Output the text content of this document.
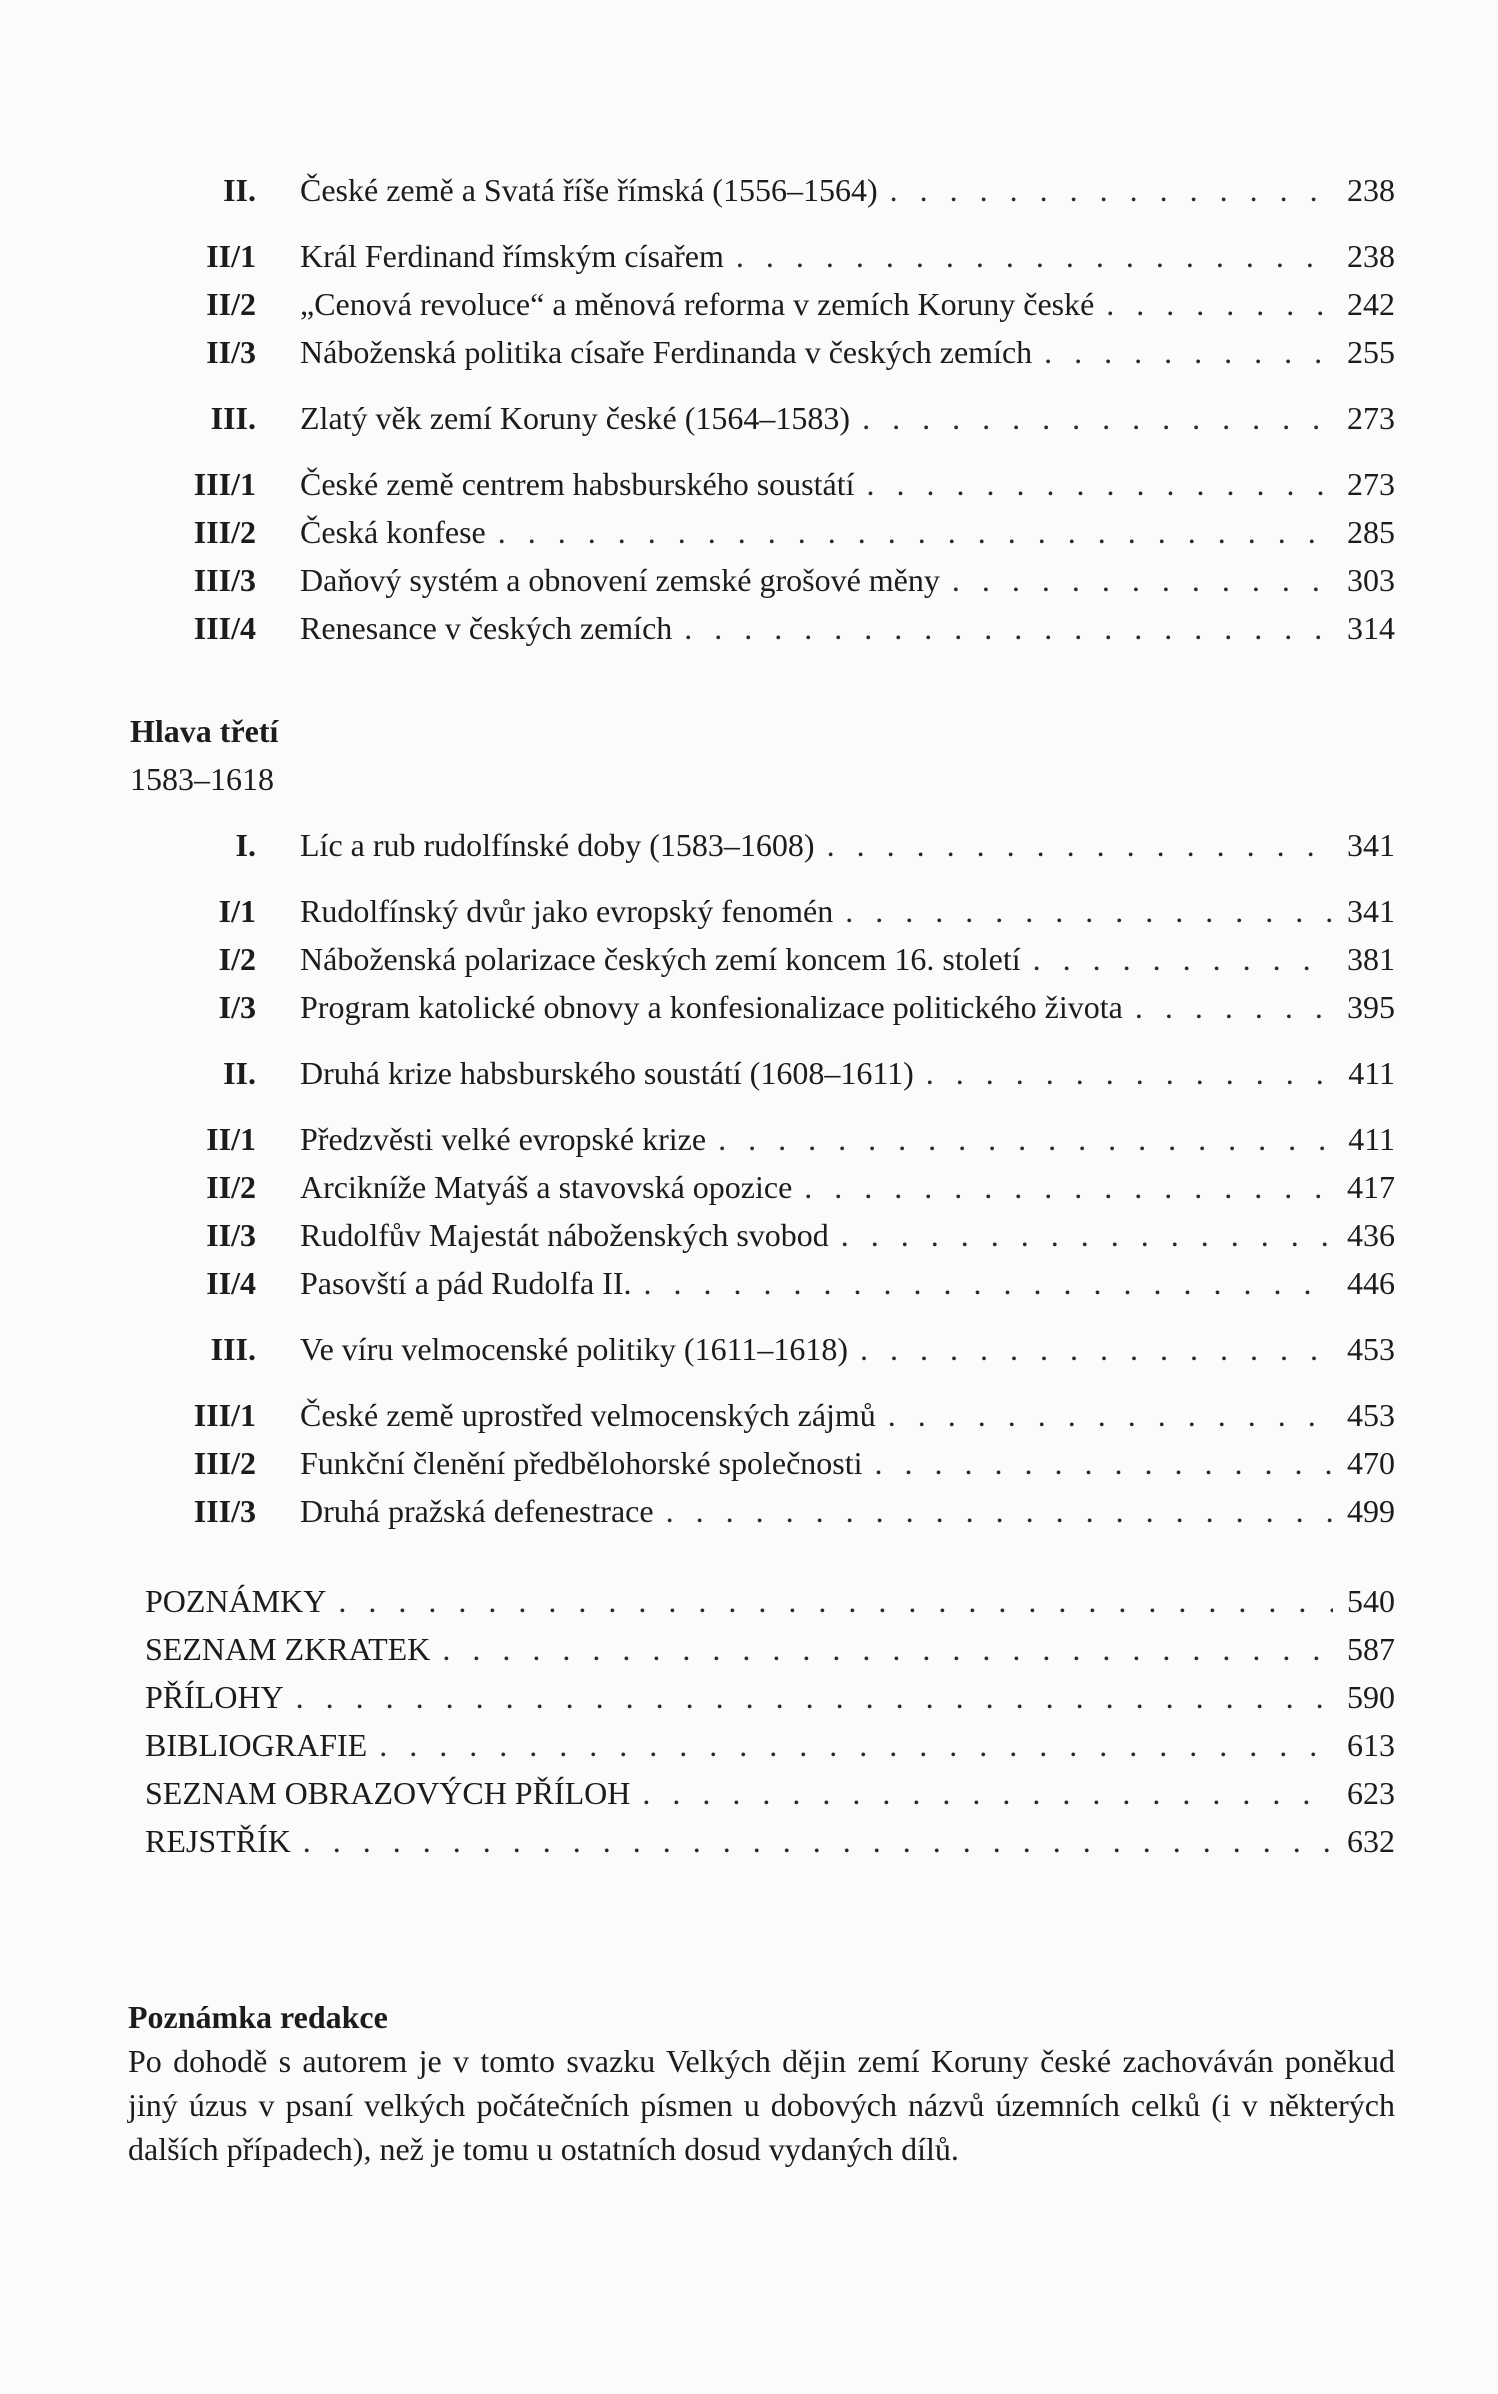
II. České země a Svatá říše římská (1556–1564) . . .	238
II/1 Král Ferdinand římským císařem . . .	238
II/2 „Cenová revoluce“ a měnová reforma v zemích Koruny české . . .	242
II/3 Náboženská politika císaře Ferdinanda v českých zemích . . .	255
III. Zlatý věk zemí Koruny české (1564–1583) . . .	273
III/1 České země centrem habsburského soustátí . . .	273
III/2 Česká konfese . . .	285
III/3 Daňový systém a obnovení zemské grošové měny . . .	303
III/4 Renesance v českých zemích . . .	314
Hlava třetí
1583–1618
I. Líc a rub rudolfínské doby (1583–1608) . . .	341
I/1 Rudolfínský dvůr jako evropský fenomén . . .	341
I/2 Náboženská polarizace českých zemí koncem 16. století . . .	381
I/3 Program katolické obnovy a konfesionalizace politického života . . .	395
II. Druhá krize habsburského soustátí (1608–1611) . . .	411
II/1 Předzvěsti velké evropské krize . . .	411
II/2 Arcikníže Matyáš a stavovská opozice . . .	417
II/3 Rudolfův Majestát náboženských svobod . . .	436
II/4 Pasovští a pád Rudolfa II. . . .	446
III. Ve víru velmocenské politiky (1611–1618) . . .	453
III/1 České země uprostřed velmocenských zájmů . . .	453
III/2 Funkční členění předbělohorské společnosti . . .	470
III/3 Druhá pražská defenestrace . . .	499
POZNÁMKY . . .	540
SEZNAM ZKRATEK . . .	587
PŘÍLOHY . . .	590
BIBLIOGRAFIE . . .	613
SEZNAM OBRAZOVÝCH PŘÍLOH . . .	623
REJSTŘÍK . . .	632
Poznámka redakce
Po dohodě s autorem je v tomto svazku Velkých dějin zemí Koruny české zachováván poněkud jiný úzus v psaní velkých počátečních písmen u dobových názvů územních celků (i v některých dalších případech), než je tomu u ostatních dosud vydaných dílů.
